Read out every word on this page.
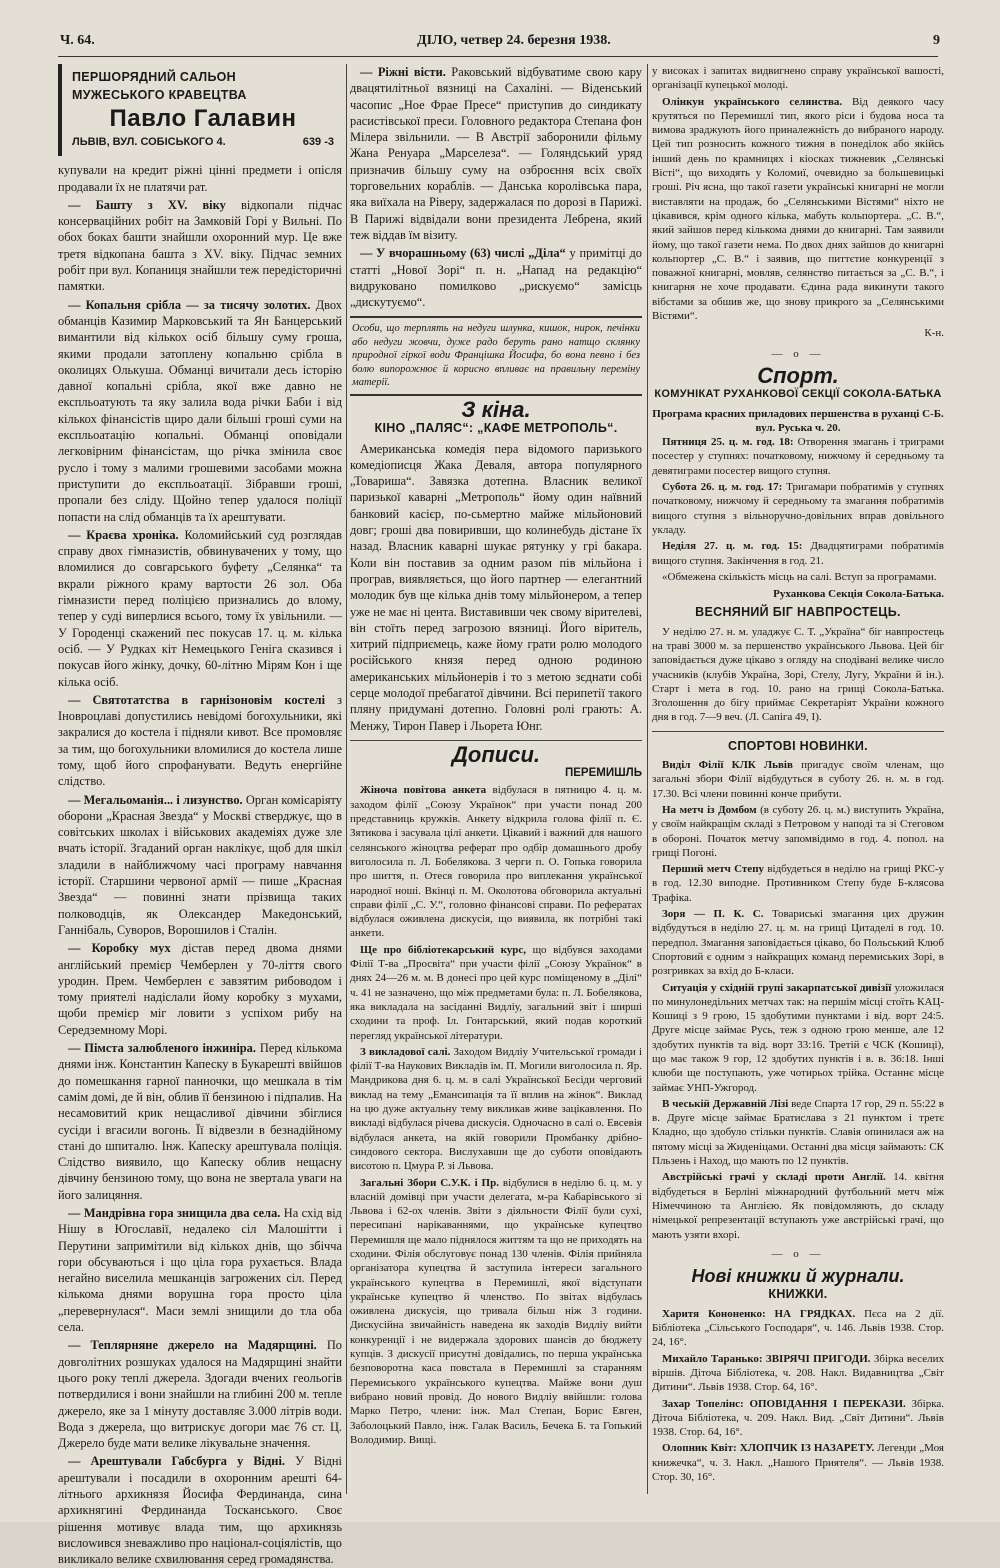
Ч. 64.	ДІЛО, четвер 24. березня 1938.	9
ПЕРШОРЯДНИЙ САЛЬОН
МУЖЕСЬКОГО КРАВЕЦТВА
Павло Галавин
ЛЬВІВ, ВУЛ. СОБІСЬКОГО 4.	639 -3

купували на кредит ріжні цінні предмети і опісля продавали їх не платячи рат.

— Башту з XV. віку відкопали підчас консерваційних робіт на Замковій Горі у Вильні. По обох боках башти знайшли охоронний мур. Це вже третя відкопана башта з XV. віку. Підчас земних робіт при вул. Копаниця знайшли теж передісторичні памятки.

— Копальня срібла — за тисячу золотих. Двох обманців Казимир Марковський та Ян Банцерський вимантили від кількох осіб більшу суму гроша, якими продали затоплену копальню срібла в околицях Олькуша. Обманці вичитали десь історію давної копальні срібла, якої вже давно не експльоатують та яку залила вода річки Баби і від кількох фінансістів щиро дали більші гроші суми на експльоатацію копальні. Обманці оповідали легковірним фінансістам, що річка змінила своє русло і тому з малими грошевими засобами можна приступити до експльоатації. Зібравши гроші, пропали без сліду. Щойно тепер удалося поліції попасти на слід обманців та їх арештувати.

— Краєва хроніка. Коломийський суд розглядав справу двох гімназистів, обвинувачених у тому, що вломилися до совгарського буфету „Селянка“ та вкрали ріжного краму вартости 26 зол. Оба гімназисти перед поліцією признались до вломy, тепер у суді виперлися всього, тому їх увільнили. — У Городенці скажений пес покусав 17. ц. м. кілька осіб. — У Рудках кіт Немецького Геніга сказився і покусав його жінку, дочку, 60-літню Мірям Кон і ще кілька осіб.

— Святотатства в гарнізоновім костелі з Іновроцлаві допустились невідомі богохульники, які закралися до костела і підняли кивот. Все промовляє за тим, що богохульники вломилися до костела лише тому, щоб його спрофанувати. Ведуть енергійне слідство.

— Мегальоманія... і лизунство. Орган комісаріяту оборони „Красная Звезда“ у Москві стверджує, що в совітських школах і військових академіях дуже зле вчать історії. Згаданий орган наклікує, щоб для шкіл зладили в найближчому часі програму навчання історії. Старшини червоної армії — пише „Красная Звезда“ — повинні знати прізвища таких полководців, як Олександер Македонський, Ганнібаль, Суворов, Ворошилов і Сталін.

— Коробку мух дістав перед двома днями англійський премієр Чемберлен у 70-ліття свого уродин. Прем. Чемберлен є завзятим рибоводом і тому приятелі надіслали йому коробку з мухами, щоби премієр міг ловити з успіхом рибу на Середземному Морі.

— Пімста залюбленого інжиніра. Перед кількома днями інж. Константин Капеску в Букарешті ввійшов до помешкання гарної панночки, що мешкала в тім самім домі, де й він, облив її бензиною і підпалив. На несамовитий крик нещасливої дівчини збіглися сусіди і вгасили вогонь. Її відвезли в безнадійному стані до шпиталю. Інж. Капеску арештувала поліція. Слідство виявило, що Капеску облив нещасну дівчину бензиною тому, що вона не звертала уваги на його залицяння.

— Мандрівна гора знищила два села. На схід від Нішу в Югославії, недалеко сіл Малошітти і Перутини запримітили від кількох днів, що збічча гори обсуваються і що ціла гора рухається. Влада негайно виселила мешканців загрожених сіл. Перед кількома днями ворушна гора просто ціла „перевернулася“. Маси землі знищили до тла оба села.

— Теплярняне джерело на Мадярщині. По довголітних розшуках удалося на Мадярщині знайти цього року теплі джерела. Здогади вчених геольогів потвердилися і вони знайшли на глибині 200 м. тепле джерело, яке за 1 мінуту доставляє 3.000 літрів води. Вода з джерела, що витрискує догори має 76 ст. Ц. Джерело буде мати велике лікувальне значення.

— Арештували Габсбурга у Відні. У Відні арештували і посадили в охоронним арешті 64-літнього архикнязя Йосифа Фердинанда, сина архикнягині Фердинанда Тосканського. Своє рішення мотивує влада тим, що архикнязь вислowився зневажливо про націонал-соціялістів, що викликало велике схвилювання серед громадянства.

— Ріжні вісти. Раковський відбуватиме свою кару двацятилітньої вязниці на Сахаліні. — Віденський часопис „Ное Фрае Пресе“ приступив до синдикату расистівської преси. Головного редактора Степана фон Мілера звільнили. — В Австрії заборонили фільму Жана Ренуара „Марселеза“. — Голяндський уряд призначив більшу суму на озброєння всіх своїх торговельних кораблів. — Данська королівська пара, яка виїхала на Ріверу, задержалася по дорозі в Парижі. В Парижі відвідали вони президента Лебрена, який теж віддав їм візиту.

— У вчорашньому (63) числі „Діла“ у примітці до статті „Нової Зорі“ п. н. „Напад на редакцію“ видруковано помилково „рискуємо“ замісць „дискутуємо“.

Особи, що терплять на недуги шлунка, кишок, нирок, печінки або недуги жовчи, дуже радо беруть рано натщо склянку природної гіркої води Францішка Йосифа, бо вона певно і без болю випорожнює й корисно впливає на правильну переміну матерії.
З кіна.
КІНО „ПАЛЯС“: „КАФЕ МЕТРОПОЛЬ“.

Американська комедія пера відомого паризького комедіописця Жака Деваля, автора популярного „Товариша“. Завязка дотепна. Власник великої паризької каварні „Метрополь“ йому один наївний банковий касієр, по-сьмертно майже мільйоновий довг; гроші два повиривши, що колинебудь дістане їх назад. Власник каварні шукає рятунку у грі бакара. Коли він поставив за одним разом пів мільйона і програв, виявляється, що його партнер — елегантний молодик був ще кілька днів тому мільйонером, а тепер уже не має ні цента. Виставивши чек свому вірителеві, він стоїть перед загрозою вязниці. Його віритель, хитрий підприємець, каже йому грати ролю молодого російського князя перед одною родиною американських мільйонерів і то з метою зєднати собі серце молодої пребагатої дівчини. Всі перипетії такого пляну придумані дотепно. Головні ролі грають: А. Менжу, Тирон Павер і Льорета Юнг.

Дописи.
ПЕРЕМИШЛЬ

Жіноча повітова анкета відбулася в пятницю 4. ц. м. заходом філії „Союзу Українок“ при участи понад 200 представниць кружків. Анкету відкрила голова філії п. Є. Зятикова і засувала цілі анкети. Цікавий і важний для нашого селянського жіноцтва реферат про одбір домашнього дробу виголосила п. Л. Бобелякова. З черги п. О. Гопька говорила про шиття, п. Отеся говорила про виплекання української народної ноші. Вкінці п. М. Околотова обговорила актуальні справи філії „С. У.“, головно фінансові справи. По рефератах відбулася оживлена дискусія, що виявила, як потрібні такі анкети.

Ще про бібліотекарський курс, що відбувся заходами Філії Т-ва „Просвіта“ при участи філії „Союзу Українок“ в днях 24—26 м. м. В донесі про цей курс поміщеному в „Ділі“ ч. 41 не зазначено, що між предметами була: п. Л. Бобелякова, яка викладала на засіданні Видліу, загальний звіт і ширші сходини та проф. Іл. Гонтарський, який подав короткий перегляд української літератури.

З викладової салі. Заходом Видліу Учительської громади і філії Т-ва Наукових Викладів ім. П. Могили виголосила п. Яр. Мандрикова дня 6. ц. м. в салі Української Бесіди черговий виклад на тему „Емансипація та її вплив на жінок“. Виклад на цю дуже актуальну тему викликав живе зацікавлення. По викладі відбулася річева дискусія. Одночасно в салі о. Евсевія відбулася анкета, на якій говорили Промбанку дрібно-синдового сектора. Вислухавши ще до суботи оповідають висотою п. Цмура Р. зі Львова.

Загальні Збори С.У.К. і Пр. відбулися в неділю 6. ц. м. у власній домівці при участи делегата, м-ра Кабарівського зі Львова і 62-ох членів. Звіти з діяльности Філії були сухі, пересипані нарікаваннями, що українське купецтво Перемишля ще мало піднялося життям та що не приходять на сходини. Філія обслуговує понад 130 членів. Філія прийняла організатора купецтва й заступила інтереси загального українського купецтва в Перемишлі, якої відступати українське купецтво й членство. По звітах відбулась оживлена дискусія, що тривала більш ніж 3 години. Дискусійна звичайність наведена як заходів Видліу вийти конкуренції і не видержала здорових шансів до бюджету купців. З дискусії присутні довідались, по перша українська безповоротна каса повстала в Перемишлі за старанням Перемиського українського купецтва. Майже вони душ вибрано новий провід. До нового Видліу ввійшли: голова Марко Петро, члени: інж. Мал Степан, Борис Евген, Заболоцький Павло, інж. Галак Василь, Бечека Б. та Гопький Володимир. Вищі.

у високах і запитах видвигнено справу української вашості, організації купецької молоді.

Олінкун українського селянства. Від деякого часу крутяться по Перемишлі тип, якого ріси і будова носа та вимова зраджують його приналежність до вибраного народу. Цей тип розносить кожного тижня в понеділок або якійсь інший день по крамницях і кіосках тижневик „Селянські Вісті“, що виходять у Коломиї, очевидно за большевицькі гроші. Річ ясна, що такої газети українські книгарні не могли виставляти на продаж, бо „Селянськими Вістями“ ніхто не цікавився, крім одного кілька, мабуть кольпортера. „С. В.“, який зайшов перед кількома днями до книгарні. Там заявили йому, що такої газети нема. По двох днях зайшов до книгарні кольпортер „С. В.“ і заявив, що питтєтие конкуренції з поважної книгарні, мовляв, селянство питається за „С. В.“, і книгарня не хоче продавати. Єдина рада викинути такого вібстами за обшив же, що знову прикрого за „Селянськими Вістями“.

К-н.
— о —
Спорт.
КОМУНІКАТ РУХАНКОВОЇ СЕКЦІЇ СОКОЛА-БАТЬКА
Програма красних приладових першенства в руханці С-Б. вул. Руська ч. 20.

Пятниця 25. ц. м. год. 18: Отворення змагань і триграми посестер у ступнях: початковому, нижчому й середньому та девятиграми посестер вищого ступня.

Субота 26. ц. м. год. 17: Тригамари побратимів у ступнях початковому, нижчому й середньому та змагання побратимів вищого ступня з вільноручно-довільних вправ довільного укладу.

Неділя 27. ц. м. год. 15: Двадцятиграми побратимів вищого ступня. Закінчення в год. 21.

«Обмежена скількість місць на салі. Вступ за програмами.

Руханкова Секція Сокола-Батька.
ВЕСНЯНИЙ БІГ НАВПРОСТЕЦЬ.

У неділю 27. н. м. уладжує С. Т. „Україна“ біг навпростець на траві 3000 м. за першенство українського Львова. Цей біг заповідається дуже цікаво з огляду на сподівані велике число учасників (клубів Україна, Зорі, Стелу, Лугу, України й ін.). Старт і мета в год. 10. рано на грищі Сокола-Батька. Зголошення до бігу приймає Секретаріят України кожного дня в год. 7—9 веч. (Л. Сапіга 49, І).

СПОРТОВІ НОВИНКИ.

Виділ Філії КЛК Львів пригадує своїм членам, що загальні збори Філії відбудуться в суботу 26. н. м. в год. 17.30. Всі члени повинні конче прибути.

На метч із Домбом (в суботу 26. ц. м.) виступить Україна, у своїм найкращім складі з Петровом у наподі та зі Стеговом в обороні. Початок метчу запомвідимо в год. 4. попол. на грищі Погоні.

Перший метч Степу відбудеться в неділю на грищі РКС-у в год. 12.30 виподне. Противником Степу буде Б-клясова Трафіка.

Зоря — П. К. С. Товариські змагання цих дружин відбудуться в неділю 27. ц. м. на грищі Цитаделі в год. 10. передпол. Змагання заповідається цікаво, бо Польський Клюб Спортовий є одним з найкращих команд перемиських Зорі, в розгривках за вхід до Б-класи.

Ситуація у східній групі закарпатської дивізії уложилася по минулонедільних метчах так: на першім місці стоїть КАЦ-Кошиці з 9 грою, 15 здобутими пунктами і від. ворт 24:5. Друге місце займає Русь, теж з одною грою менше, але 12 здобутих пунктів та від. ворт 33:16. Третій є ЧСК (Кошиці), що має також 9 гор, 12 здобутих пунктів і в. в. 36:18. Інші клюби ще поступають, уже чотирьох трійка. Останнє місце займає УНП-Ужгород.

В чеській Державній Лізі веде Спарта 17 гор, 29 п. 55:22 в в. Друге місце займає Братислава з 21 пунктом і третє Кладно, що здобуло стільки пунктів. Славія опинилася аж на пятому місці за Жиденіцами. Останні два місця займають: СК Пльзень і Наход, що мають по 12 пунктів.

Австрійські грачі у складі проти Англії. 14. квітня відбудеться в Берліні міжнародний футбольний метч між Німеччиною та Англією. Як повідомляють, до складу німецької репрезентації вступають уже австрійські грачі, що мають узяти вхорі.

— о —
Нові книжки й журнали.
КНИЖКИ.

Харитя Кононенко: НА ГРЯДКАХ. Пєса на 2 дії. Бібліотека „Сільського Господаря“, ч. 146. Львів 1938. Стор. 24, 16°.

Михайло Таранько: ЗВІРЯЧІ ПРИГОДИ. Збірка веселих віршів. Діточа Бібліотека, ч. 208. Накл. Видавництва „Світ Дитини“. Львів 1938. Стор. 64, 16°.

Захар Топелінс: ОПОВІДАННЯ І ПЕРЕКАЗИ. Збірка. Діточа Бібліотека, ч. 209. Накл. Вид. „Світ Дитини“. Львів 1938. Стор. 64, 16°.

Олопник Квіт: ХЛОПЧИК ІЗ НАЗАРЕТУ. Легенди „Моя книжечка“, ч. 3. Накл. „Нашого Приятеля“. — Львів 1938. Стор. 30, 16°.
